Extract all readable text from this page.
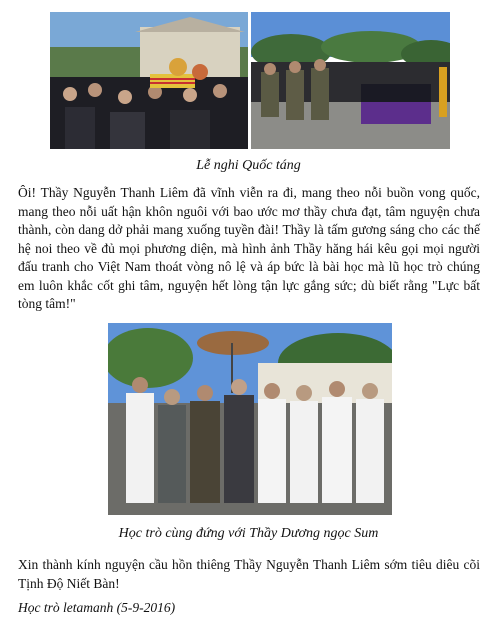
Lễ nghi Quốc táng
Ôi! Thầy Nguyễn Thanh Liêm đã vĩnh viễn ra đi, mang theo nỗi buồn vong quốc, mang theo nỗi uất hận khôn nguôi với bao ước mơ thầy chưa đạt, tâm nguyện chưa thành, còn dang dở phải mang xuống tuyền đài! Thầy là tấm gương sáng cho các thế hệ noi theo về đủ mọi phương diện, mà hình ảnh Thầy hăng hái kêu gọi mọi người đấu tranh cho Việt Nam thoát vòng nô lệ và áp bức là bài học mà lũ học trò chúng em luôn khắc cốt ghi tâm, nguyện hết lòng tận lực gắng sức; dù biết rằng "Lực bất tòng tâm!"
Học trò cùng đứng với Thầy Dương ngọc Sum
Xin thành kính nguyện cầu hồn thiêng Thầy Nguyễn Thanh Liêm sớm tiêu diêu cõi Tịnh Độ Niết Bàn!
Học trò letamanh (5-9-2016)
